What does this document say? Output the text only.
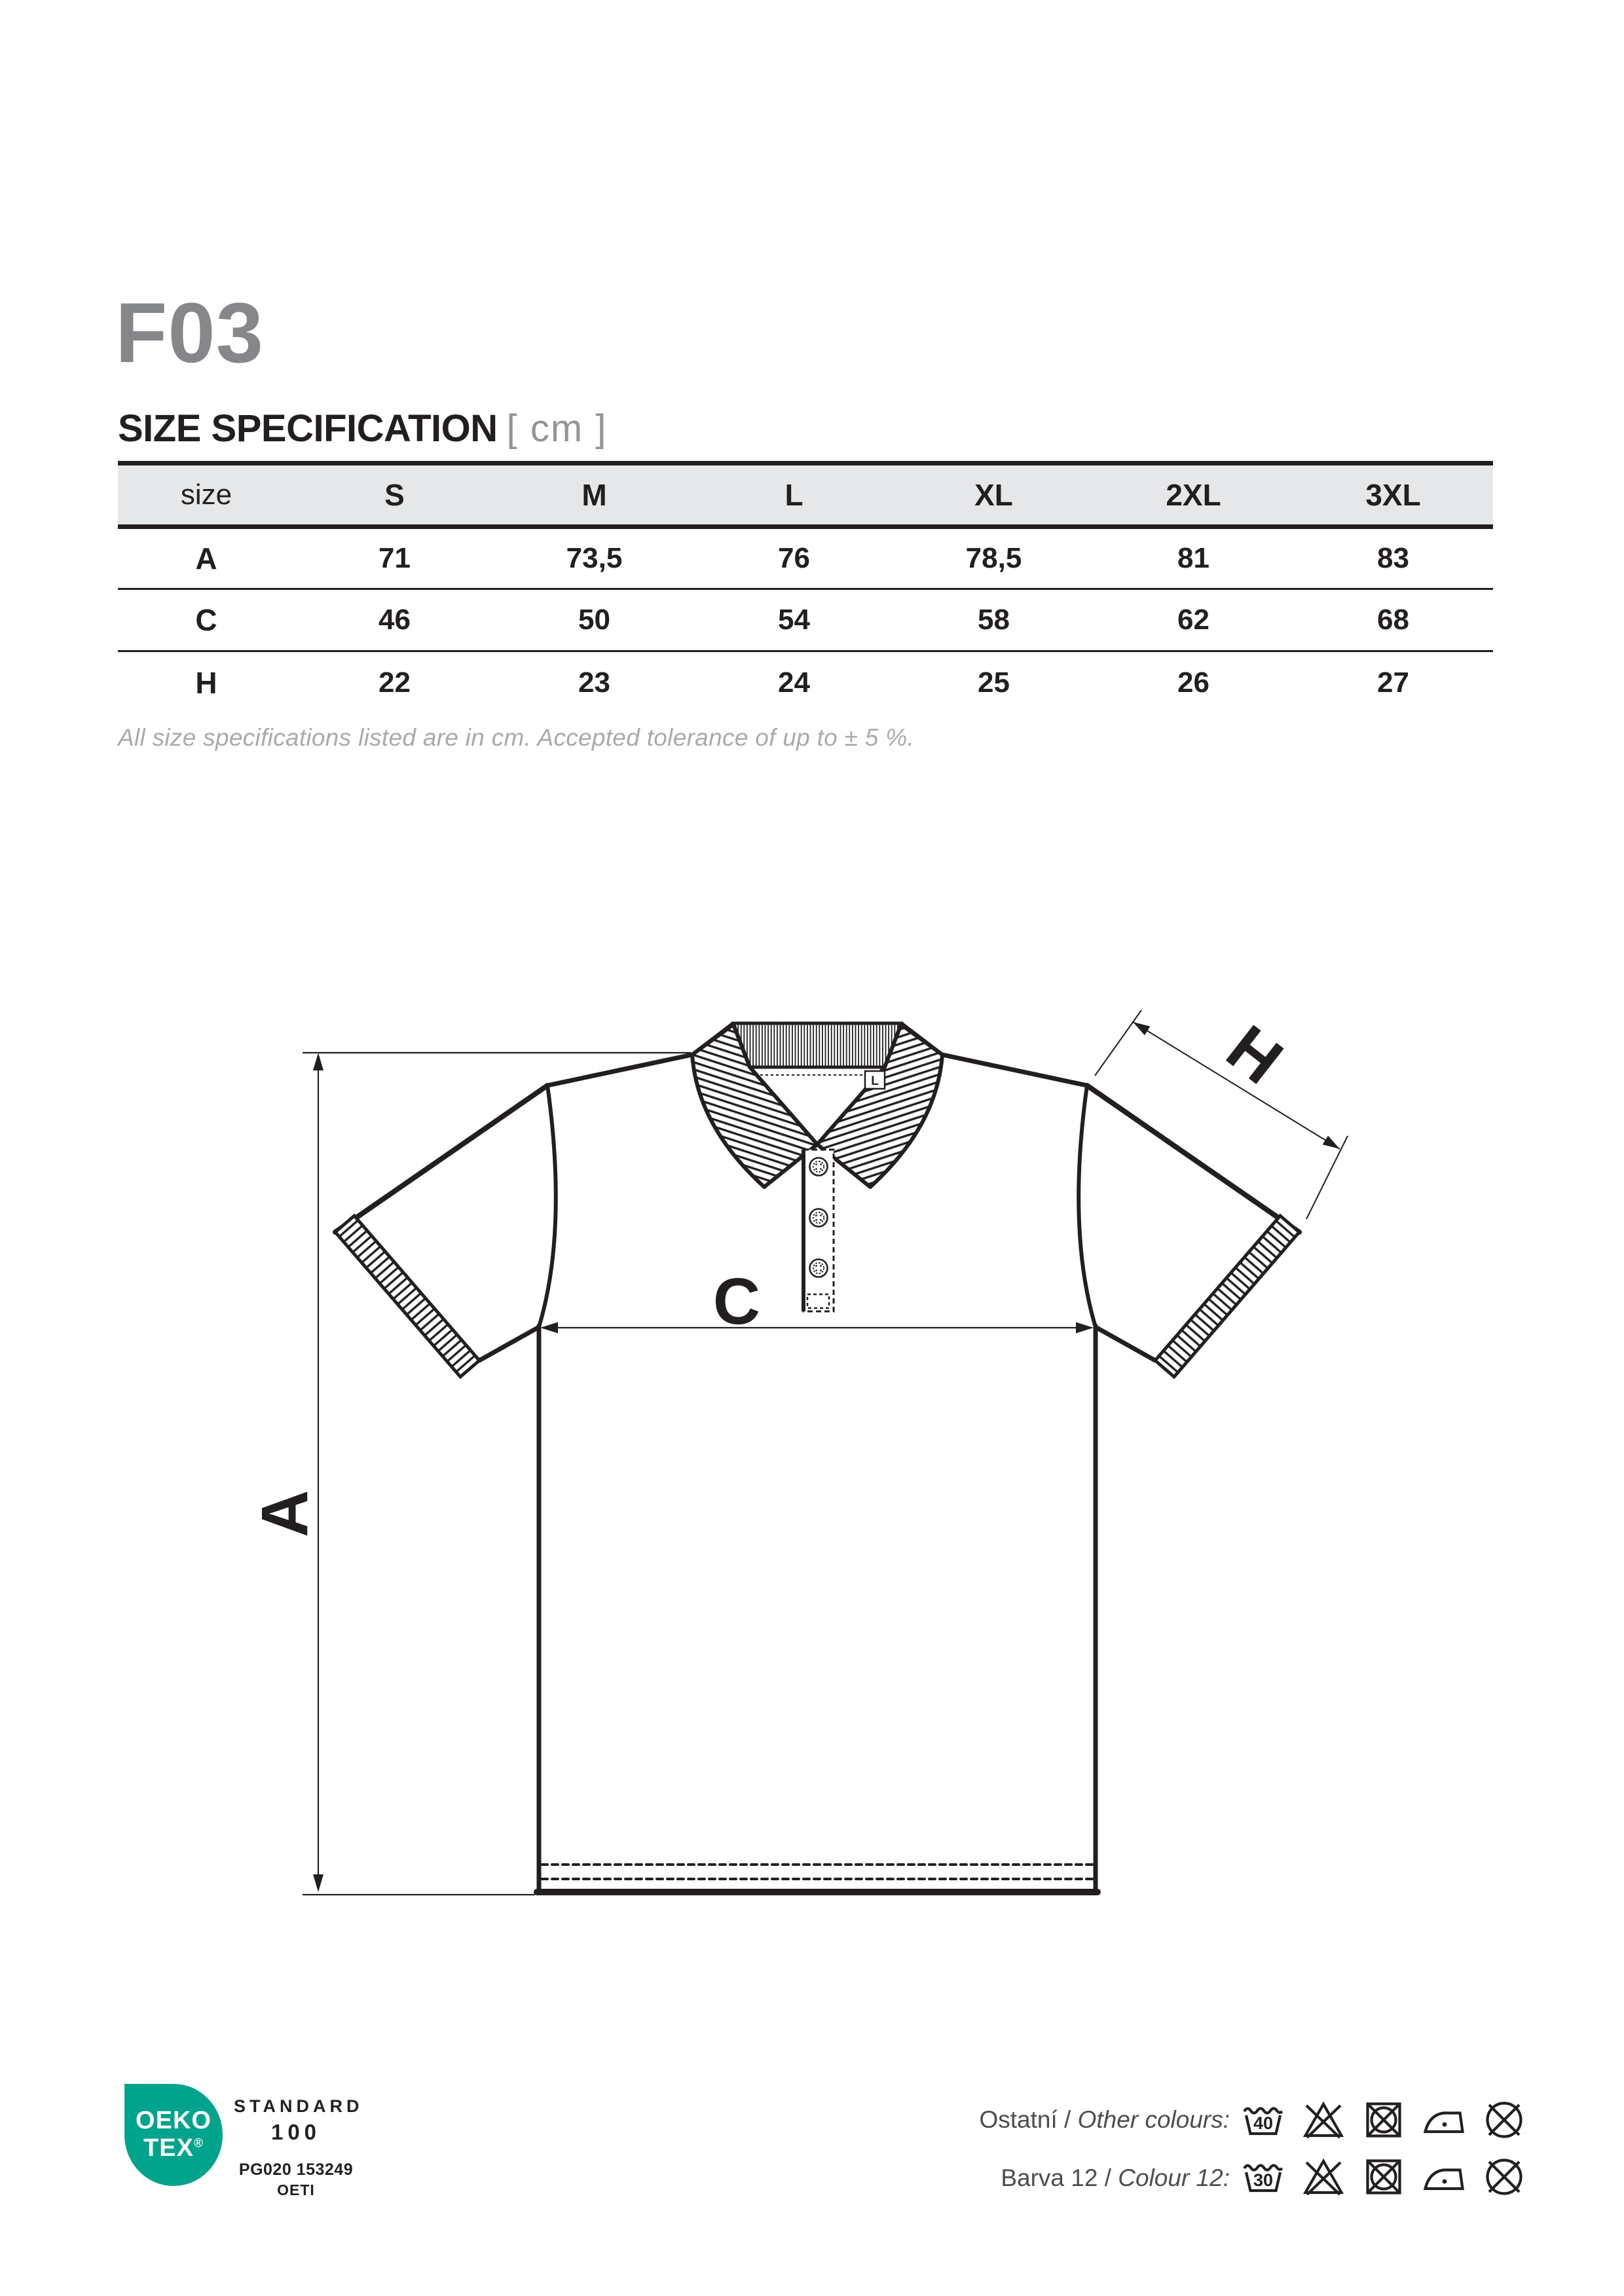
F03
SIZE SPECIFICATION [ cm ]
size	S	M	L	XL	2XL	3XL
A	71	73,5	76	78,5	81	83
C	46	50	54	58	62	68
H	22	23	24	25	26	27
All size specifications listed are in cm. Accepted tolerance of up to ± 5 %.
L
A
C
H
OEKO
TEX®
STANDARD
100
PG020 153249
OETI
Ostatní / Other colours: 40
Barva 12 / Colour 12: 30
